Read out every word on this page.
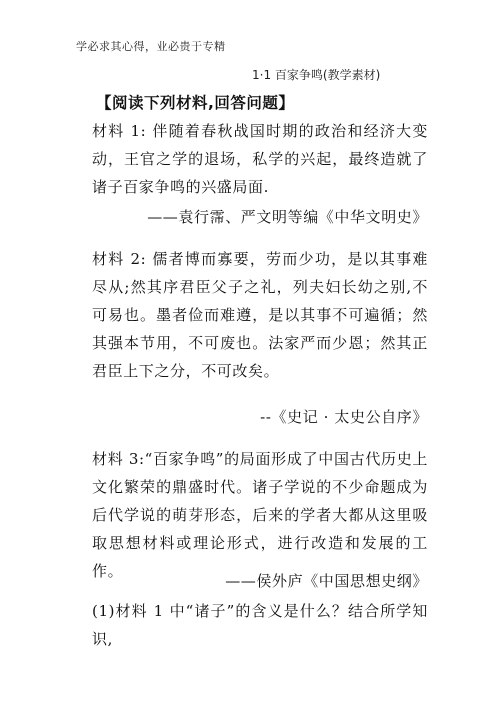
学必求其心得，业必贵于专精
1·1 百家争鸣(教学素材)
【阅读下列材料,回答问题】
材料 1: 伴随着春秋战国时期的政治和经济大变动，王官之学的退场，私学的兴起，最终造就了诸子百家争鸣的兴盛局面.
——袁行霈、严文明等编《中华文明史》
材料 2: 儒者博而寡要，劳而少功，是以其事难尽从;然其序君臣父子之礼，列夫妇长幼之别,不可易也。墨者俭而难遵，是以其事不可遍循；然其强本节用，不可废也。法家严而少恩；然其正君臣上下之分，不可改矣。
--《史记 · 太史公自序》
材料 3:“百家争鸣”的局面形成了中国古代历史上文化繁荣的鼎盛时代。诸子学说的不少命题成为后代学说的萌芽形态，后来的学者大都从这里吸取思想材料或理论形式，进行改造和发展的工作。
——侯外庐《中国思想史纲》
(1)材料 1 中“诸子”的含义是什么？结合所学知识,
